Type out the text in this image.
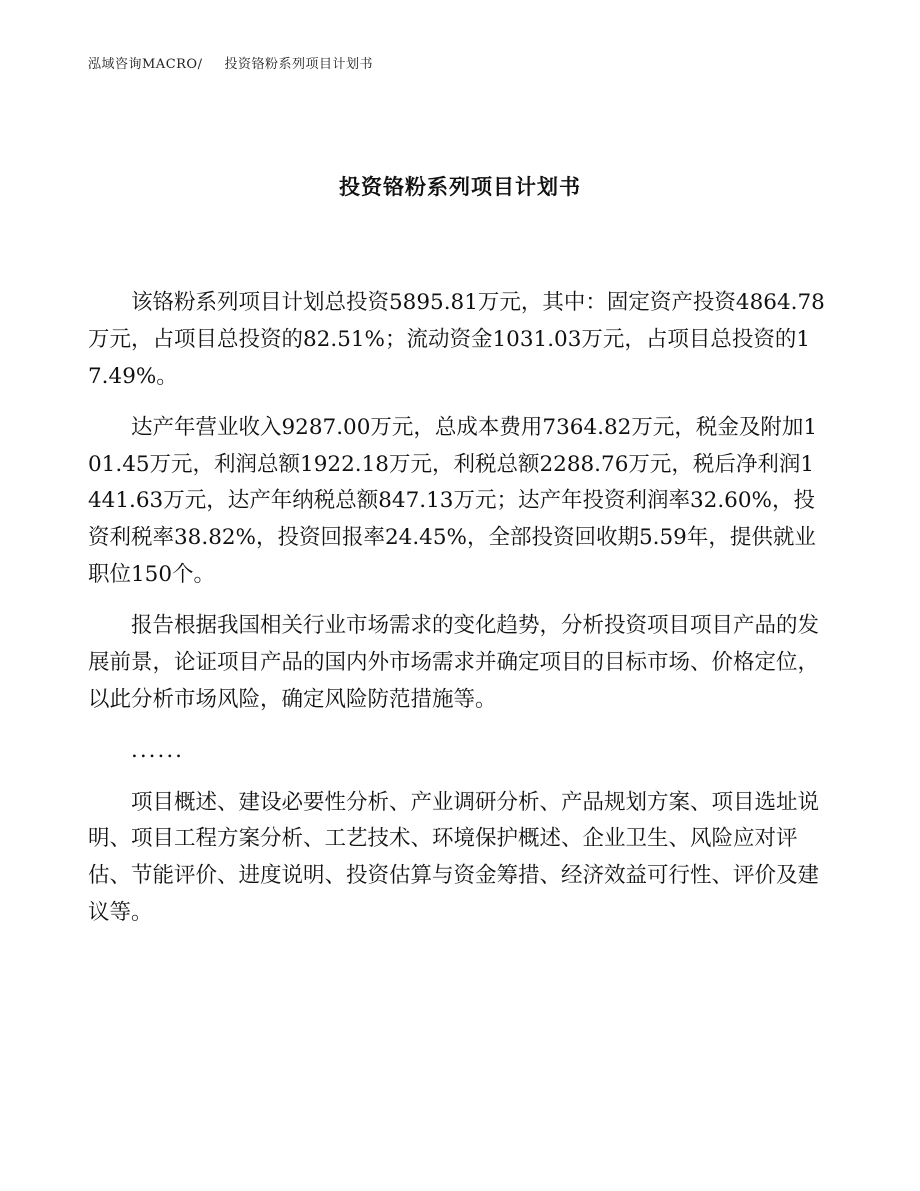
泓域咨询MACRO/ 投资铬粉系列项目计划书
投资铬粉系列项目计划书

该铬粉系列项目计划总投资5895.81万元，其中：固定资产投资4864.78万元，占项目总投资的82.51%；流动资金1031.03万元，占项目总投资的17.49%。

达产年营业收入9287.00万元，总成本费用7364.82万元，税金及附加101.45万元，利润总额1922.18万元，利税总额2288.76万元，税后净利润1441.63万元，达产年纳税总额847.13万元；达产年投资利润率32.60%，投资利税率38.82%，投资回报率24.45%，全部投资回收期5.59年，提供就业职位150个。

报告根据我国相关行业市场需求的变化趋势，分析投资项目项目产品的发展前景，论证项目产品的国内外市场需求并确定项目的目标市场、价格定位，以此分析市场风险，确定风险防范措施等。

......

项目概述、建设必要性分析、产业调研分析、产品规划方案、项目选址说明、项目工程方案分析、工艺技术、环境保护概述、企业卫生、风险应对评估、节能评价、进度说明、投资估算与资金筹措、经济效益可行性、评价及建议等。
